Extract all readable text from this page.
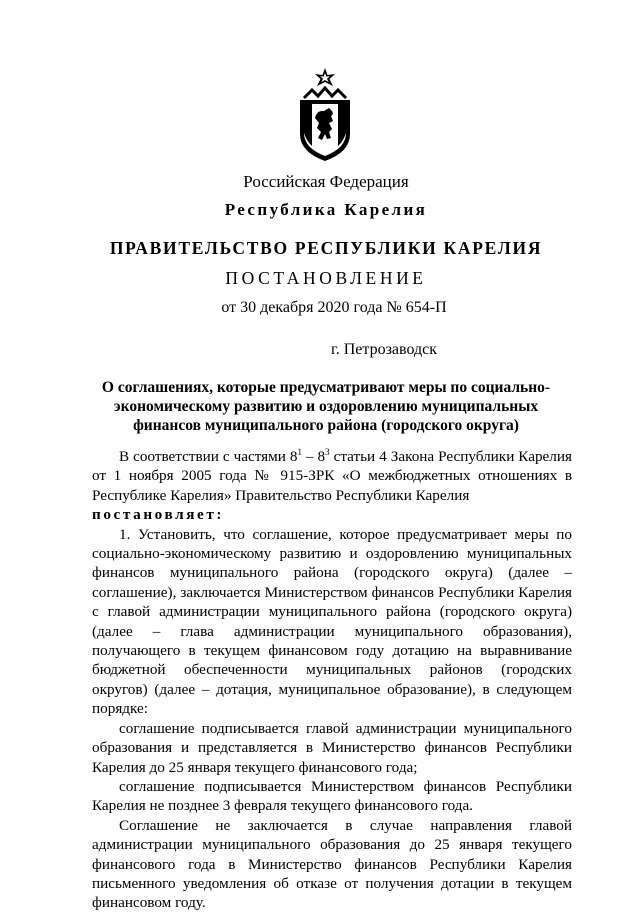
Российская Федерация
Республика Карелия
ПРАВИТЕЛЬСТВО РЕСПУБЛИКИ КАРЕЛИЯ
ПОСТАНОВЛЕНИЕ
от 30 декабря 2020 года № 654-П
г. Петрозаводск
О соглашениях, которые предусматривают меры по социально-
экономическому развитию и оздоровлению муниципальных
финансов муниципального района (городского округа)

В соответствии с частями $8^1 - 8^3$ статьи 4 Закона Республики Карелия от 1 ноября 2005 года № 915-ЗРК «О межбюджетных отношениях в Республике Карелия» Правительство Республики Карелия

постановляет:

1. Установить, что соглашение, которое предусматривает меры по социально-экономическому развитию и оздоровлению муниципальных финансов муниципального района (городского округа) (далее – соглашение), заключается Министерством финансов Республики Карелия с главой администрации муниципального района (городского округа) (далее – глава администрации муниципального образования), получающего в текущем финансовом году дотацию на выравнивание бюджетной обеспеченности муниципальных районов (городских округов) (далее – дотация, муниципальное образование), в следующем порядке:

соглашение подписывается главой администрации муниципального образования и представляется в Министерство финансов Республики Карелия до 25 января текущего финансового года;

соглашение подписывается Министерством финансов Республики Карелия не позднее 3 февраля текущего финансового года.

Соглашение не заключается в случае направления главой администрации муниципального образования до 25 января текущего финансового года в Министерство финансов Республики Карелия письменного уведомления об отказе от получения дотации в текущем финансовом году.
